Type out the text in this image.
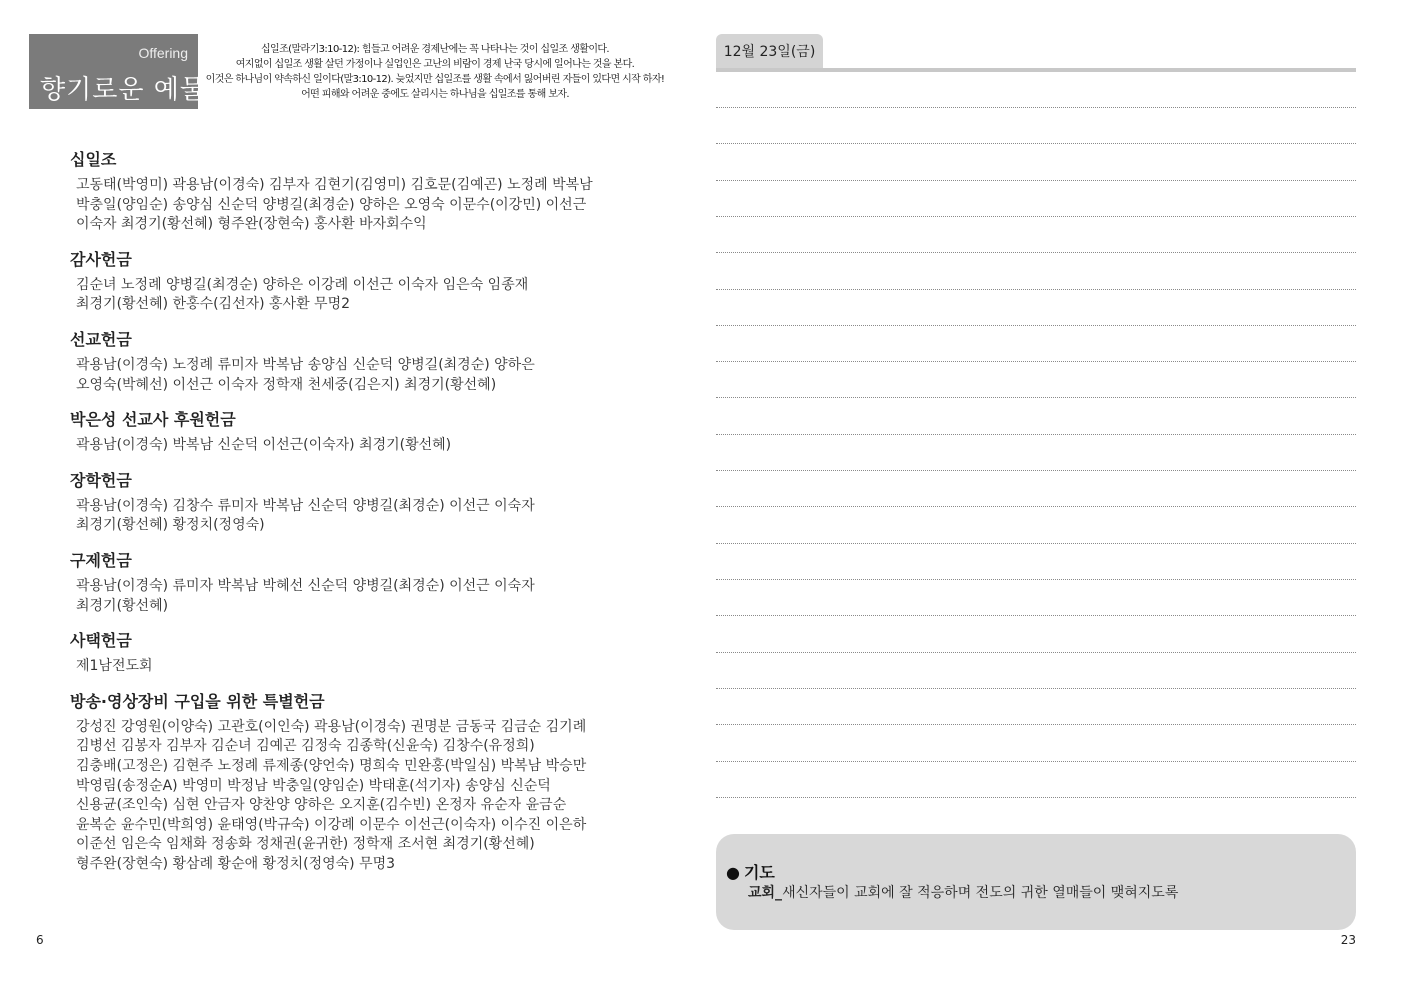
Offering
향기로운 예물
십일조(말라기3:10-12): 힘들고 어려운 경제난에는 꼭 나타나는 것이 십일조 생활이다.
여지없이 십일조 생활 살던 가정이나 실업인은 고난의 비람이 경제 난국 당시에 일어나는 것을 본다.
이것은 하나님이 약속하신 일이다(말3:10-12). 늦었지만 십일조를 생활 속에서 잃어버린 자들이 있다면 시작 하자!
어떤 피해와 어려운 중에도 살리시는 하나님을 십일조를 통해 보자.
십일조
고동태(박영미) 곽용남(이경숙) 김부자 김현기(김영미) 김호문(김예곤) 노정례 박복남
박충일(양임순) 송양심 신순덕 양병길(최경순) 양하은 오영숙 이문수(이강민) 이선근
이숙자 최경기(황선혜) 형주완(장현숙) 홍사환 바자회수익
감사헌금
김순녀 노정례 양병길(최경순) 양하은 이강례 이선근 이숙자 임은숙 임종재
최경기(황선혜) 한홍수(김선자) 홍사환 무명2
선교헌금
곽용남(이경숙) 노정례 류미자 박복남 송양심 신순덕 양병길(최경순) 양하은
오영숙(박혜선) 이선근 이숙자 정학재 천세중(김은지) 최경기(황선혜)
박은성 선교사 후원헌금
곽용남(이경숙) 박복남 신순덕 이선근(이숙자) 최경기(황선혜)
장학헌금
곽용남(이경숙) 김창수 류미자 박복남 신순덕 양병길(최경순) 이선근 이숙자
최경기(황선혜) 황정치(정영숙)
구제헌금
곽용남(이경숙) 류미자 박복남 박혜선 신순덕 양병길(최경순) 이선근 이숙자
최경기(황선혜)
사택헌금
제1남전도회
방송·영상장비 구입을 위한 특별헌금
강성진 강영원(이양숙) 고관호(이인숙) 곽용남(이경숙) 권명분 금동국 김금순 김기례
김병선 김봉자 김부자 김순녀 김예곤 김정숙 김종학(신윤숙) 김창수(유정희)
김충배(고정은) 김현주 노정례 류제종(양언숙) 명희숙 민완홍(박일심) 박복남 박승만
박영림(송정순A) 박영미 박정남 박충일(양임순) 박태훈(석기자) 송양심 신순덕
신용균(조인숙) 심현 안금자 양찬양 양하은 오지훈(김수빈) 온정자 유순자 윤금순
윤복순 윤수민(박희영) 윤태영(박규숙) 이강례 이문수 이선근(이숙자) 이수진 이은하
이준선 임은숙 임채화 정송화 정채권(윤귀한) 정학재 조서현 최경기(황선혜)
형주완(장현숙) 황삼례 황순애 황정치(정영숙) 무명3
6
12월 23일(금)
● 기도
교회_새신자들이 교회에 잘 적응하며 전도의 귀한 열매들이 맺혀지도록
23
